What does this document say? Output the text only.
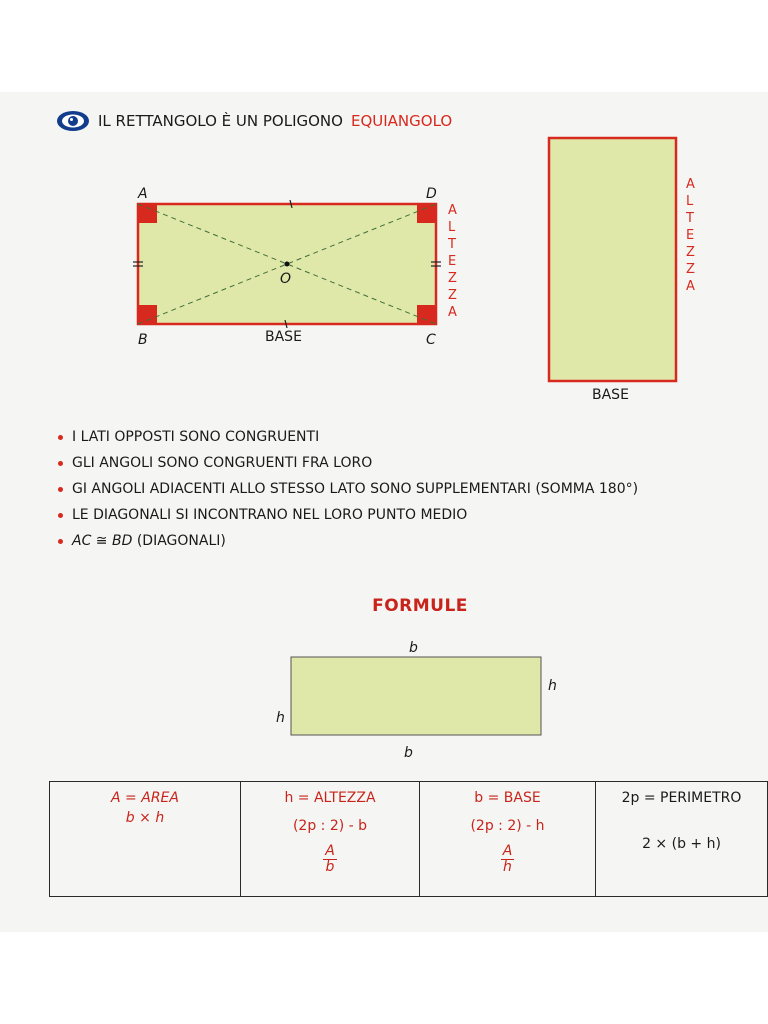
IL RETTANGOLO È UN POLIGONO EQUIANGOLO
A	D
B	C
O
BASE
A
L
T
E
Z
Z
A
A
L
T
E
Z
Z
A
BASE
I LATI OPPOSTI SONO CONGRUENTI
GLI ANGOLI SONO CONGRUENTI FRA LORO
GI ANGOLI ADIACENTI ALLO STESSO LATO SONO SUPPLEMENTARI (SOMMA 180°)
LE DIAGONALI SI INCONTRANO NEL LORO PUNTO MEDIO
AC ≅ BD (DIAGONALI)
FORMULE
b
b
h
h
A = AREA
b × h

h = ALTEZZA
(2p : 2) - b
$\frac{A}{b}$

b = BASE
(2p : 2) - h
$\frac{A}{h}$

2p = PERIMETRO
2 × (b + h)
